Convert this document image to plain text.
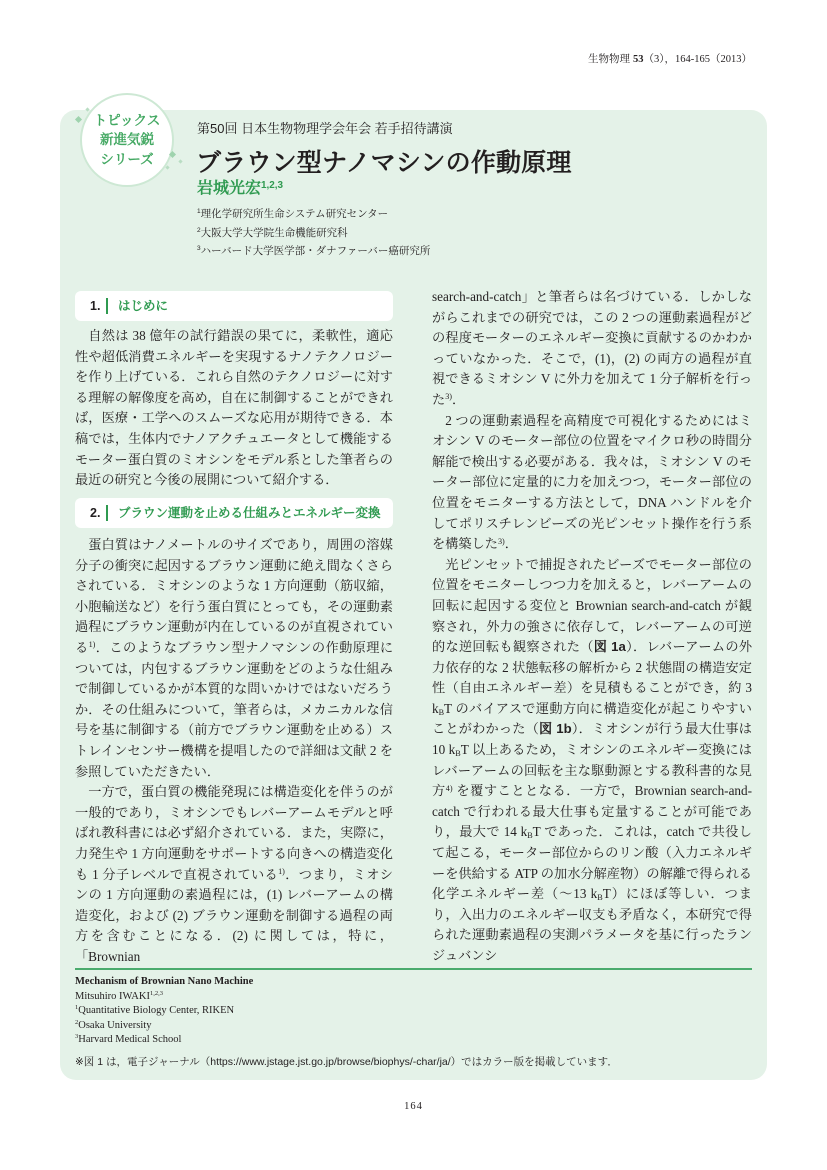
生物物理 53（3），164-165（2013）
トピックス
新進気鋭
シリーズ
第50回 日本生物物理学会年会 若手招待講演
ブラウン型ナノマシンの作動原理
岩城光宏$^{1,2,3}$
$^1$理化学研究所生命システム研究センター
$^2$大阪大学大学院生命機能研究科
$^3$ハーバード大学医学部・ダナファーバー癌研究所
1. はじめに

自然は 38 億年の試行錯誤の果てに，柔軟性，適応性や超低消費エネルギーを実現するナノテクノロジーを作り上げている．これら自然のテクノロジーに対する理解の解像度を高め，自在に制御することができれば，医療・工学へのスムーズな応用が期待できる．本稿では，生体内でナノアクチュエータとして機能するモーター蛋白質のミオシンをモデル系とした筆者らの最近の研究と今後の展開について紹介する．

2. ブラウン運動を止める仕組みとエネルギー変換

蛋白質はナノメートルのサイズであり，周囲の溶媒分子の衝突に起因するブラウン運動に絶え間なくさらされている．ミオシンのような 1 方向運動（筋収縮，小胞輸送など）を行う蛋白質にとっても，その運動素過程にブラウン運動が内在しているのが直視されている$^{1)}$．このようなブラウン型ナノマシンの作動原理については，内包するブラウン運動をどのような仕組みで制御しているかが本質的な問いかけではないだろうか．その仕組みについて，筆者らは，メカニカルな信号を基に制御する（前方でブラウン運動を止める）ストレインセンサー機構を提唱したので詳細は文献 2 を参照していただきたい．

一方で，蛋白質の機能発現には構造変化を伴うのが一般的であり，ミオシンでもレバーアームモデルと呼ばれ教科書には必ず紹介されている．また，実際に，力発生や 1 方向運動をサポートする向きへの構造変化も 1 分子レベルで直視されている$^{1)}$．つまり，ミオシンの 1 方向運動の素過程には，(1) レバーアームの構造変化，および (2) ブラウン運動を制御する過程の両方を含むことになる．(2) に関しては，特に，「Brownian

search-and-catch」と筆者らは名づけている．しかしながらこれまでの研究では，この 2 つの運動素過程がどの程度モーターのエネルギー変換に貢献するのかわかっていなかった．そこで，(1)，(2) の両方の過程が直視できるミオシン V に外力を加えて 1 分子解析を行った$^{3)}$．

2 つの運動素過程を高精度で可視化するためにはミオシン V のモーター部位の位置をマイクロ秒の時間分解能で検出する必要がある．我々は，ミオシン V のモーター部位に定量的に力を加えつつ，モーター部位の位置をモニターする方法として，DNA ハンドルを介してポリスチレンビーズの光ピンセット操作を行う系を構築した$^{3)}$．

光ピンセットで捕捉されたビーズでモーター部位の位置をモニターしつつ力を加えると，レバーアームの回転に起因する変位と Brownian search-and-catch が観察され，外力の強さに依存して，レバーアームの可逆的な逆回転も観察された（図 1a）．レバーアームの外力依存的な 2 状態転移の解析から 2 状態間の構造安定性（自由エネルギー差）を見積もることができ，約 3 $k_BT$ のバイアスで運動方向に構造変化が起こりやすいことがわかった（図 1b）．ミオシンが行う最大仕事は 10 $k_BT$ 以上あるため，ミオシンのエネルギー変換にはレバーアームの回転を主な駆動源とする教科書的な見方$^{4)}$ を覆すこととなる．一方で，Brownian search-and-catch で行われる最大仕事も定量することが可能であり，最大で 14 $k_BT$ であった．これは，catch で共役して起こる，モーター部位からのリン酸（入力エネルギーを供給する ATP の加水分解産物）の解離で得られる化学エネルギー差（～13 $k_BT$）にほぼ等しい．つまり，入出力のエネルギー収支も矛盾なく，本研究で得られた運動素過程の実測パラメータを基に行ったランジュバンシ

Mechanism of Brownian Nano Machine
Mitsuhiro IWAKI$^{1,2,3}$
$^1$Quantitative Biology Center, RIKEN
$^2$Osaka University
$^3$Harvard Medical School
※図 1 は，電子ジャーナル（https://www.jstage.jst.go.jp/browse/biophys/-char/ja/）ではカラー版を掲載しています．
164
